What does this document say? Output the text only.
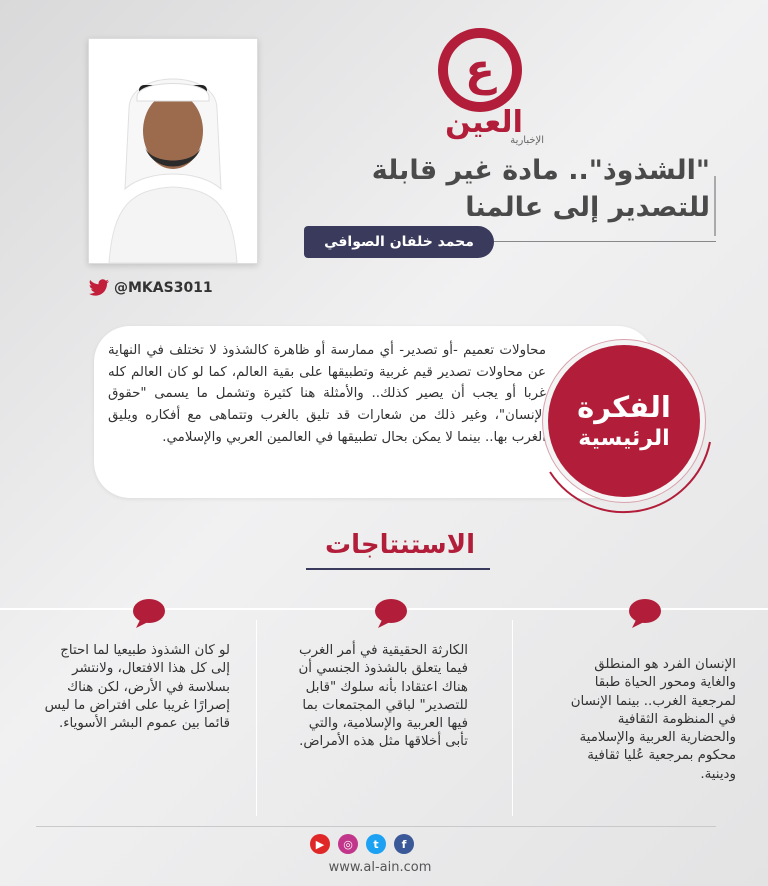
ع
العين
الإخبارية
"الشذوذ".. مادة غير قابلة للتصدير إلى عالمنا
محمد خلفان الصوافي
@MKAS3011
محاولات تعميم -أو تصدير- أي ممارسة أو ظاهرة كالشذوذ لا تختلف في النهاية عن محاولات تصدير قيم غربية وتطبيقها على بقية العالم، كما لو كان العالم كله غربا أو يجب أن يصير كذلك.. والأمثلة هنا كثيرة وتشمل ما يسمى "حقوق الإنسان"، وغير ذلك من شعارات قد تليق بالغرب وتتماهى مع أفكاره ويليق الغرب بها.. بينما لا يمكن بحال تطبيقها في العالمين العربي والإسلامي.
الفكرة
الرئيسية
الاستنتاجات
الإنسان الفرد هو المنطلق والغاية ومحور الحياة طبقا لمرجعية الغرب.. بينما الإنسان في المنظومة الثقافية والحضارية العربية والإسلامية محكوم بمرجعية عُليا ثقافية ودينية.
الكارثة الحقيقية في أمر الغرب فيما يتعلق بالشذوذ الجنسي أن هناك اعتقادا بأنه سلوك "قابل للتصدير" لباقي المجتمعات بما فيها العربية والإسلامية، والتي تأبى أخلاقها مثل هذه الأمراض.
لو كان الشذوذ طبيعيا لما احتاج إلى كل هذا الافتعال، ولانتشر بسلاسة في الأرض، لكن هناك إصرارًا غريبا على افتراض ما ليس قائما بين عموم البشر الأسوياء.
▶	◎	t	f
www.al-ain.com
